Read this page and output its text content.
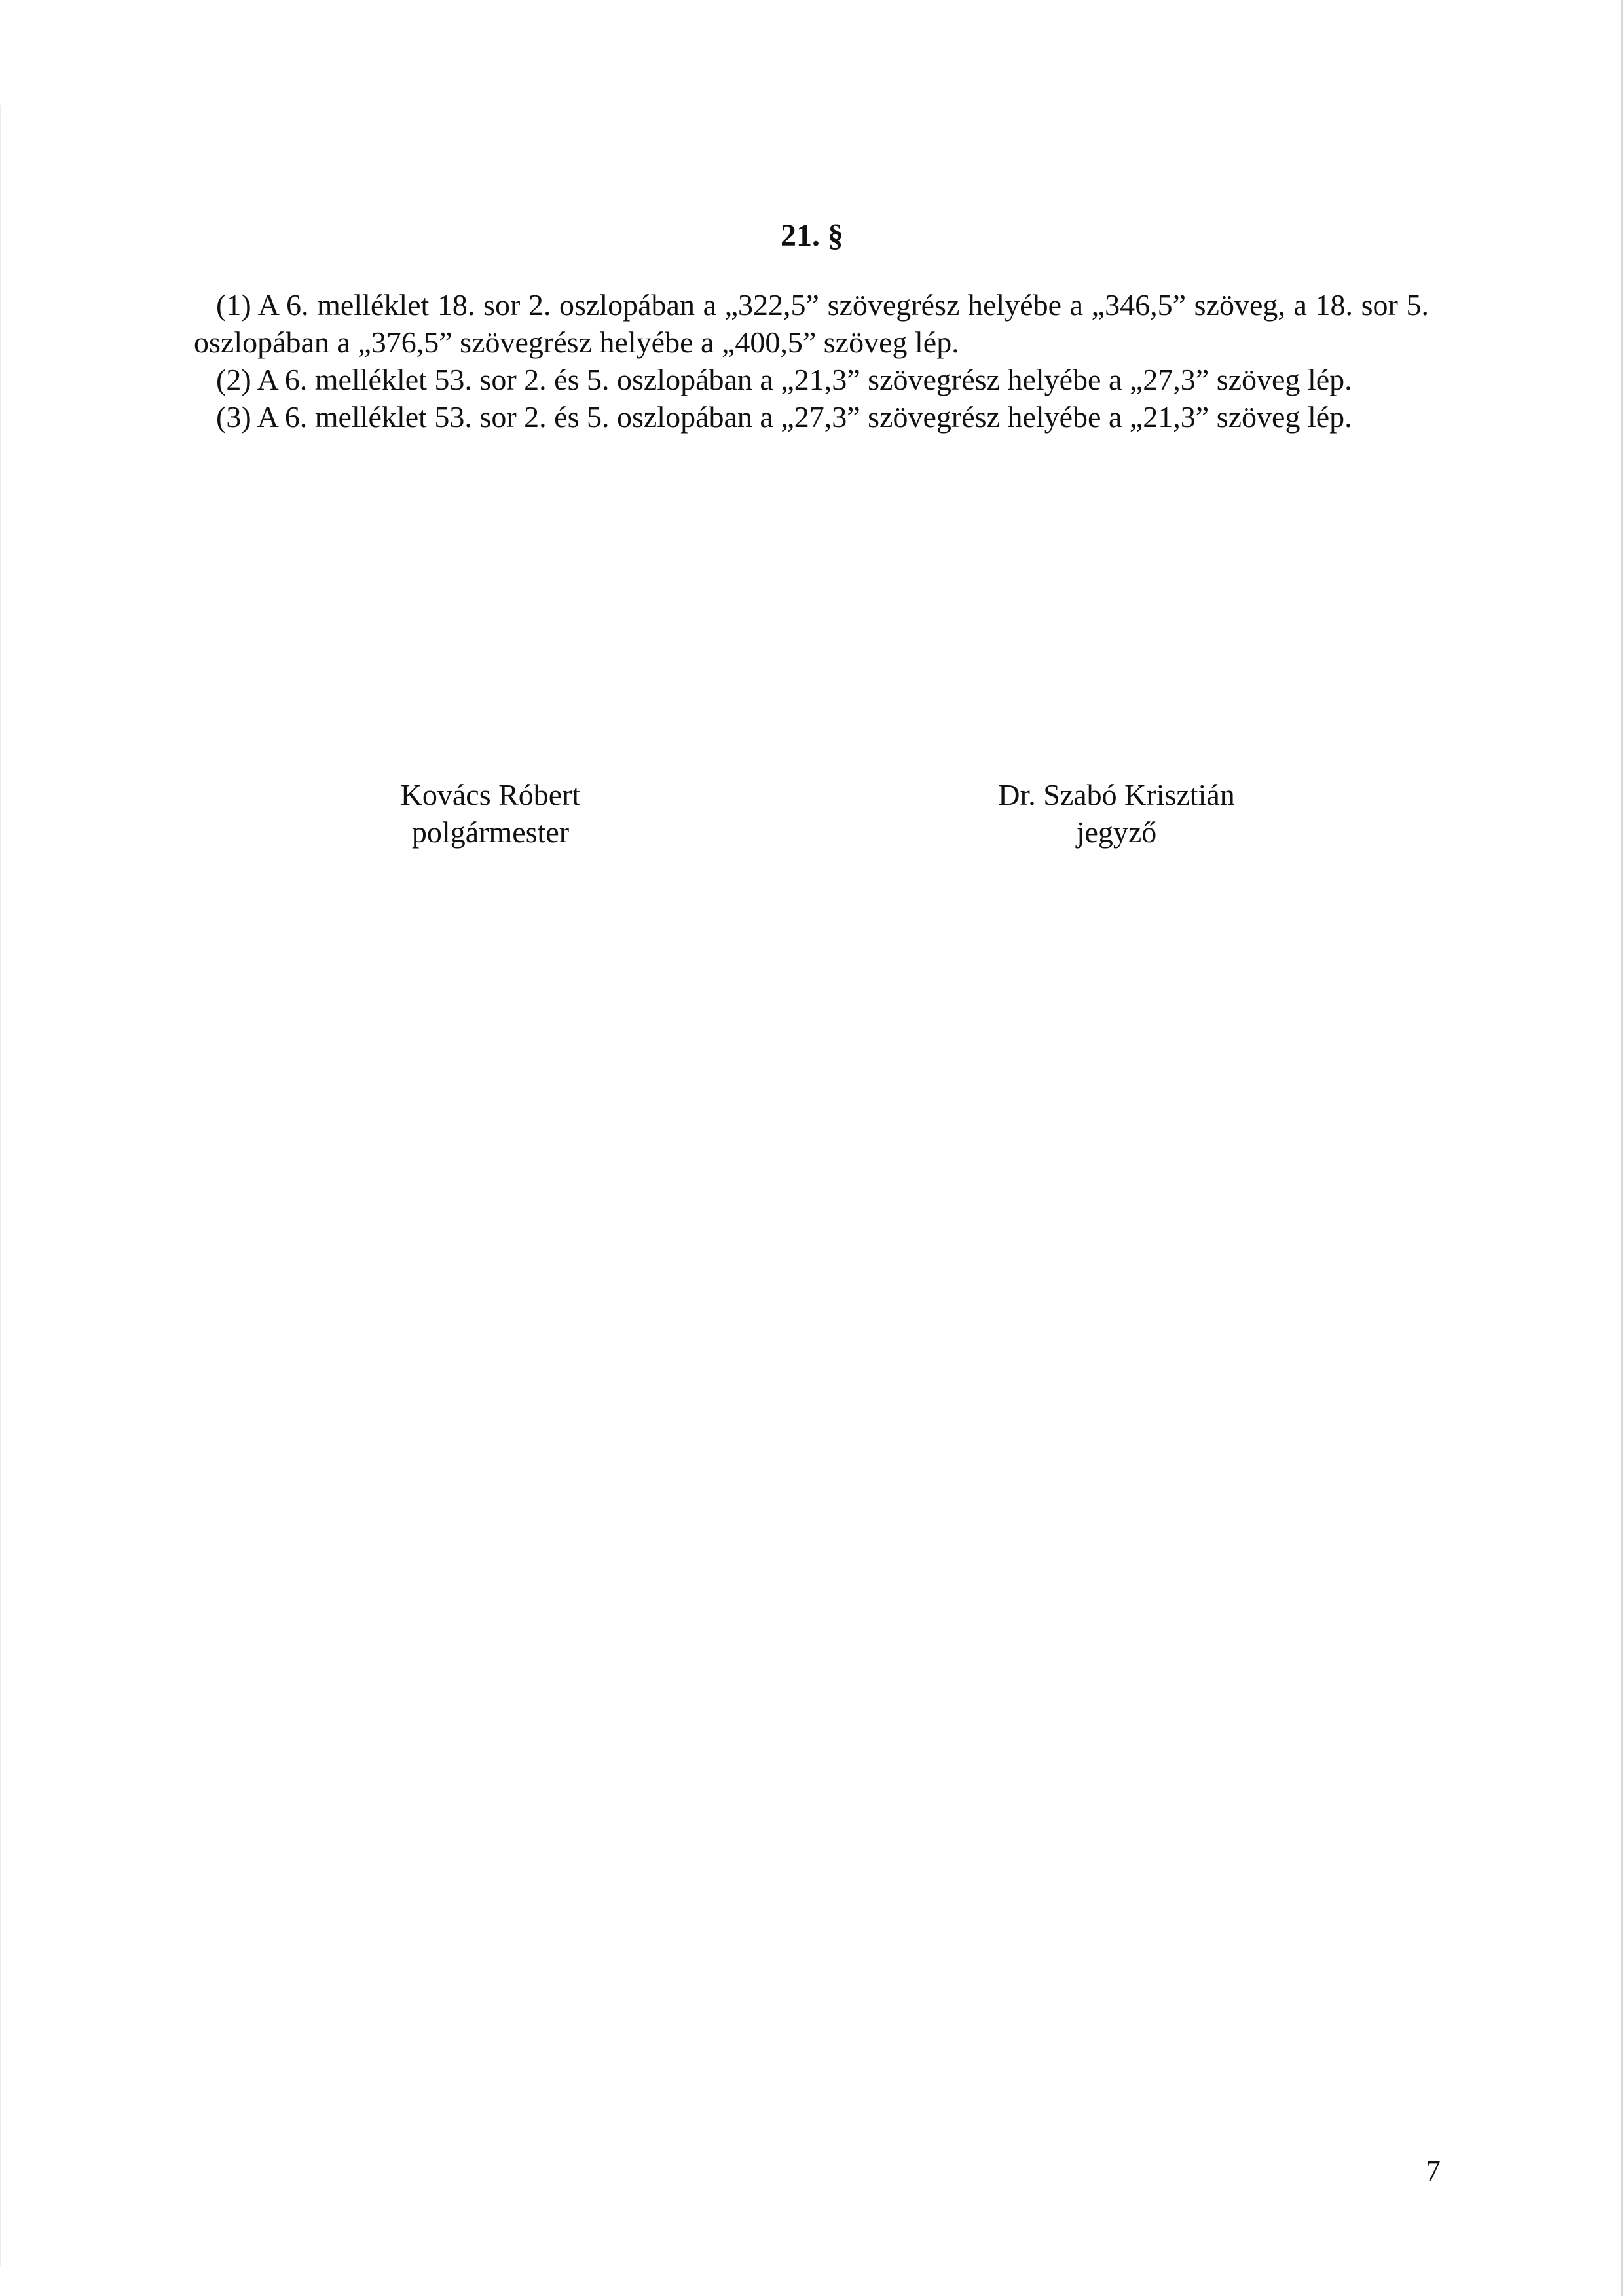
21. §

(1) A 6. melléklet 18. sor 2. oszlopában a „322,5” szövegrész helyébe a „346,5” szöveg, a 18. sor 5. oszlopában a „376,5” szövegrész helyébe a „400,5” szöveg lép.

(2) A 6. melléklet 53. sor 2. és 5. oszlopában a „21,3” szövegrész helyébe a „27,3” szöveg lép.

(3) A 6. melléklet 53. sor 2. és 5. oszlopában a „27,3” szövegrész helyébe a „21,3” szöveg lép.

Kovács Róbert
polgármester
Dr. Szabó Krisztián
jegyző
7
